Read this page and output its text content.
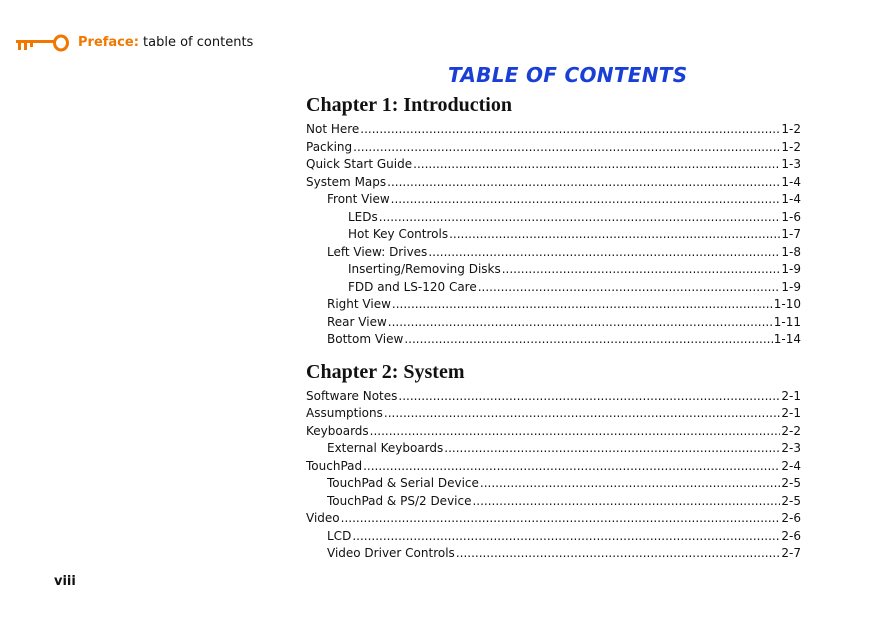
Preface: table of contents
TABLE OF CONTENTS
Chapter 1: Introduction
Not Here .....	1-2
Packing .....	1-2
Quick Start Guide .....	1-3
System Maps .....	1-4
Front View .....	1-4
LEDs .....	1-6
Hot Key Controls .....	1-7
Left View: Drives .....	1-8
Inserting/Removing Disks .....	1-9
FDD and LS-120 Care .....	1-9
Right View .....	1-10
Rear View .....	1-11
Bottom View .....	1-14
Chapter 2: System
Software Notes .....	2-1
Assumptions .....	2-1
Keyboards .....	2-2
External Keyboards .....	2-3
TouchPad .....	2-4
TouchPad & Serial Device .....	2-5
TouchPad & PS/2 Device .....	2-5
Video .....	2-6
LCD .....	2-6
Video Driver Controls .....	2-7
viii
